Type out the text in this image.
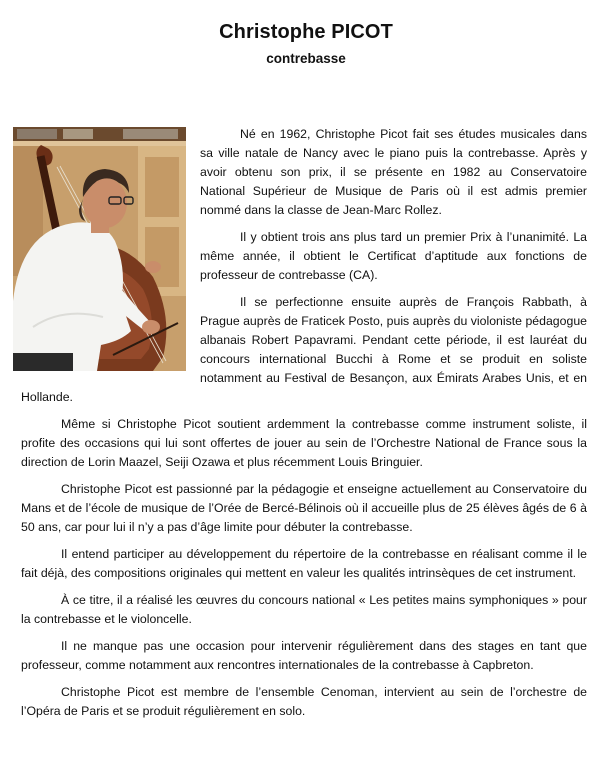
Christophe PICOT
contrebasse

Né en 1962, Christophe Picot fait ses études musicales dans sa ville natale de Nancy avec le piano puis la contrebasse. Après y avoir obtenu son prix, il se présente en 1982 au Conservatoire National Supérieur de Musique de Paris où il est admis premier nommé dans la classe de Jean-Marc Rollez.

Il y obtient trois ans plus tard un premier Prix à l’unanimité. La même année, il obtient le Certificat d’aptitude aux fonctions de professeur de contrebasse (CA).

Il se perfectionne ensuite auprès de François Rabbath, à Prague auprès de Fraticek Posto, puis auprès du violoniste pédagogue albanais Robert Papavrami. Pendant cette période, il est lauréat du concours international Bucchi à Rome et se produit en soliste notamment au Festival de Besançon, aux Émirats Arabes Unis, et en Hollande.

Même si Christophe Picot soutient ardemment la contrebasse comme instrument soliste, il profite des occasions qui lui sont offertes de jouer au sein de l’Orchestre National de France sous la direction de Lorin Maazel, Seiji Ozawa et plus récemment Louis Bringuier.

Christophe Picot est passionné par la pédagogie et enseigne actuellement au Conservatoire du Mans et de l’école de musique de l’Orée de Bercé-Bélinois où il accueille plus de 25 élèves âgés de 6 à 50 ans, car pour lui il n’y a pas d’âge limite pour débuter la contrebasse.

Il entend participer au développement du répertoire de la contrebasse en réalisant comme il le fait déjà, des compositions originales qui mettent en valeur les qualités intrinsèques de cet instrument.

À ce titre, il a réalisé les œuvres du concours national « Les petites mains symphoniques » pour la contrebasse et le violoncelle.

Il ne manque pas une occasion pour intervenir régulièrement dans des stages en tant que professeur, comme notamment aux rencontres internationales de la contrebasse à Capbreton.

Christophe Picot est membre de l’ensemble Cenoman, intervient au sein de l’orchestre de l’Opéra de Paris et se produit régulièrement en solo.
